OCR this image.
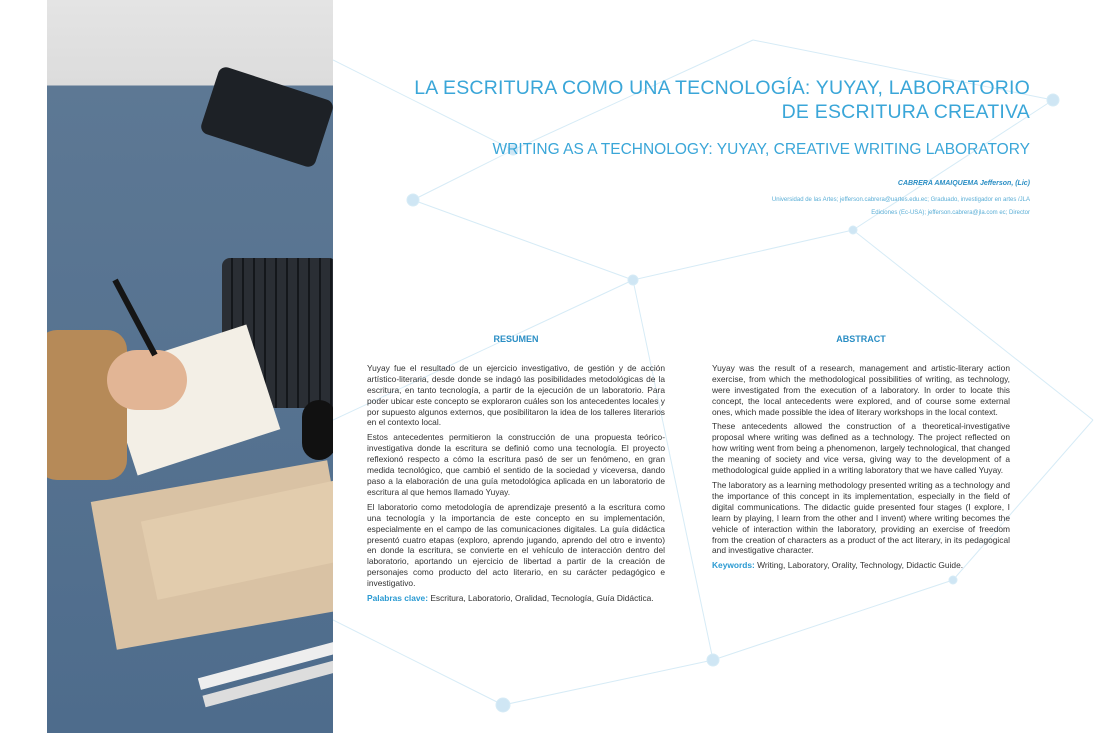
LA ESCRITURA COMO UNA TECNOLOGÍA: YUYAY, LABORATORIO DE ESCRITURA CREATIVA
WRITING AS A TECHNOLOGY: YUYAY, CREATIVE WRITING LABORATORY
CABRERA AMAIQUEMA Jefferson, (Lic)

Universidad de las Artes; jefferson.cabrera@uartes.edu.ec; Graduado, investigador en artes /JLA

Ediciones (Ec-USA); jefferson.cabrera@jla.com ec; Director

RESUMEN

Yuyay fue el resultado de un ejercicio investigativo, de gestión y de acción artístico-literaria, desde donde se indagó las posibilidades metodológicas de la escritura, en tanto tecnología, a partir de la ejecución de un laboratorio. Para poder ubicar este concepto se exploraron cuáles son los antecedentes locales y por supuesto algunos externos, que posibilitaron la idea de los talleres literarios en el contexto local.

Estos antecedentes permitieron la construcción de una propuesta teórico-investigativa donde la escritura se definió como una tecnología. El proyecto reflexionó respecto a cómo la escritura pasó de ser un fenómeno, en gran medida tecnológico, que cambió el sentido de la sociedad y viceversa, dando paso a la elaboración de una guía metodológica aplicada en un laboratorio de escritura al que hemos llamado Yuyay.

El laboratorio como metodología de aprendizaje presentó a la escritura como una tecnología y la importancia de este concepto en su implementación, especialmente en el campo de las comunicaciones digitales. La guía didáctica presentó cuatro etapas (exploro, aprendo jugando, aprendo del otro e invento) en donde la escritura, se convierte en el vehículo de interacción dentro del laboratorio, aportando un ejercicio de libertad a partir de la creación de personajes como producto del acto literario, en su carácter pedagógico e investigativo.

Palabras clave: Escritura, Laboratorio, Oralidad, Tecnología, Guía Didáctica.

ABSTRACT

Yuyay was the result of a research, management and artistic-literary action exercise, from which the methodological possibilities of writing, as technology, were investigated from the execution of a laboratory. In order to locate this concept, the local antecedents were explored, and of course some external ones, which made possible the idea of literary workshops in the local context.

These antecedents allowed the construction of a theoretical-investigative proposal where writing was defined as a technology. The project reflected on how writing went from being a phenomenon, largely technological, that changed the meaning of society and vice versa, giving way to the development of a methodological guide applied in a writing laboratory that we have called Yuyay.

The laboratory as a learning methodology presented writing as a technology and the importance of this concept in its implementation, especially in the field of digital communications. The didactic guide presented four stages (I explore, I learn by playing, I learn from the other and I invent) where writing becomes the vehicle of interaction within the laboratory, providing an exercise of freedom from the creation of characters as a product of the act literary, in its pedagogical and investigative character.

Keywords: Writing, Laboratory, Orality, Technology, Didactic Guide.
